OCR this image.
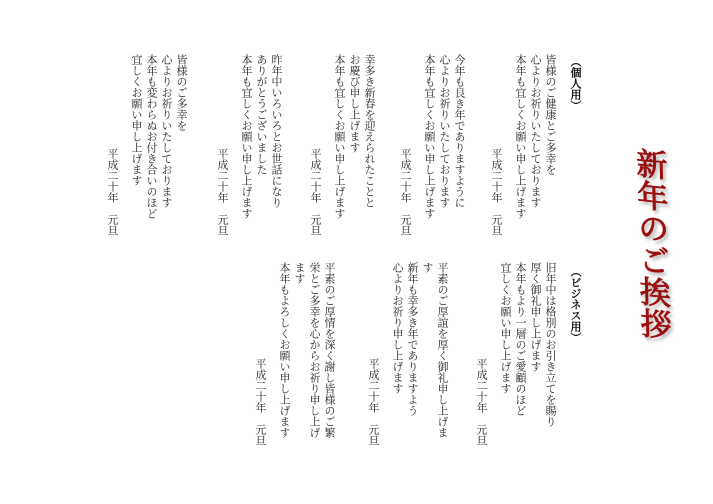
新年のご挨拶
（個人用）
皆様のご健康とご多幸を
心よりお祈りいたしております
本年も宜しくお願い申し上げます
平成二十年　元旦
今年も良き年でありますように
心よりお祈りいたしております
本年も宜しくお願い申し上げます
平成二十年　元旦
幸多き新春を迎えられたことと
お慶び申し上げます
本年も宜しくお願い申し上げます
平成二十年　元旦
昨年中いろいろとお世話になり
ありがとうございました
本年も宜しくお願い申し上げます
平成二十年　元旦
皆様のご多幸を
心よりお祈りいたしております
本年も変わらぬお付き合いのほど
宜しくお願い申し上げます
平成二十年　元旦
（ビジネス用）
旧年中は格別のお引き立てを賜り
厚く御礼申し上げます
本年もより一層のご愛顧のほど
宜しくお願い申し上げます
平成二十年　元旦
平素のご厚誼を厚く御礼申し上げま
す
新年も幸多き年でありますよう
心よりお祈り申し上げます
平成二十年　元旦
平素のご厚情を深く謝し皆様のご繁
栄とご多幸を心からお祈り申し上げ
ます
本年もよろしくお願い申し上げます
平成二十年　元旦
